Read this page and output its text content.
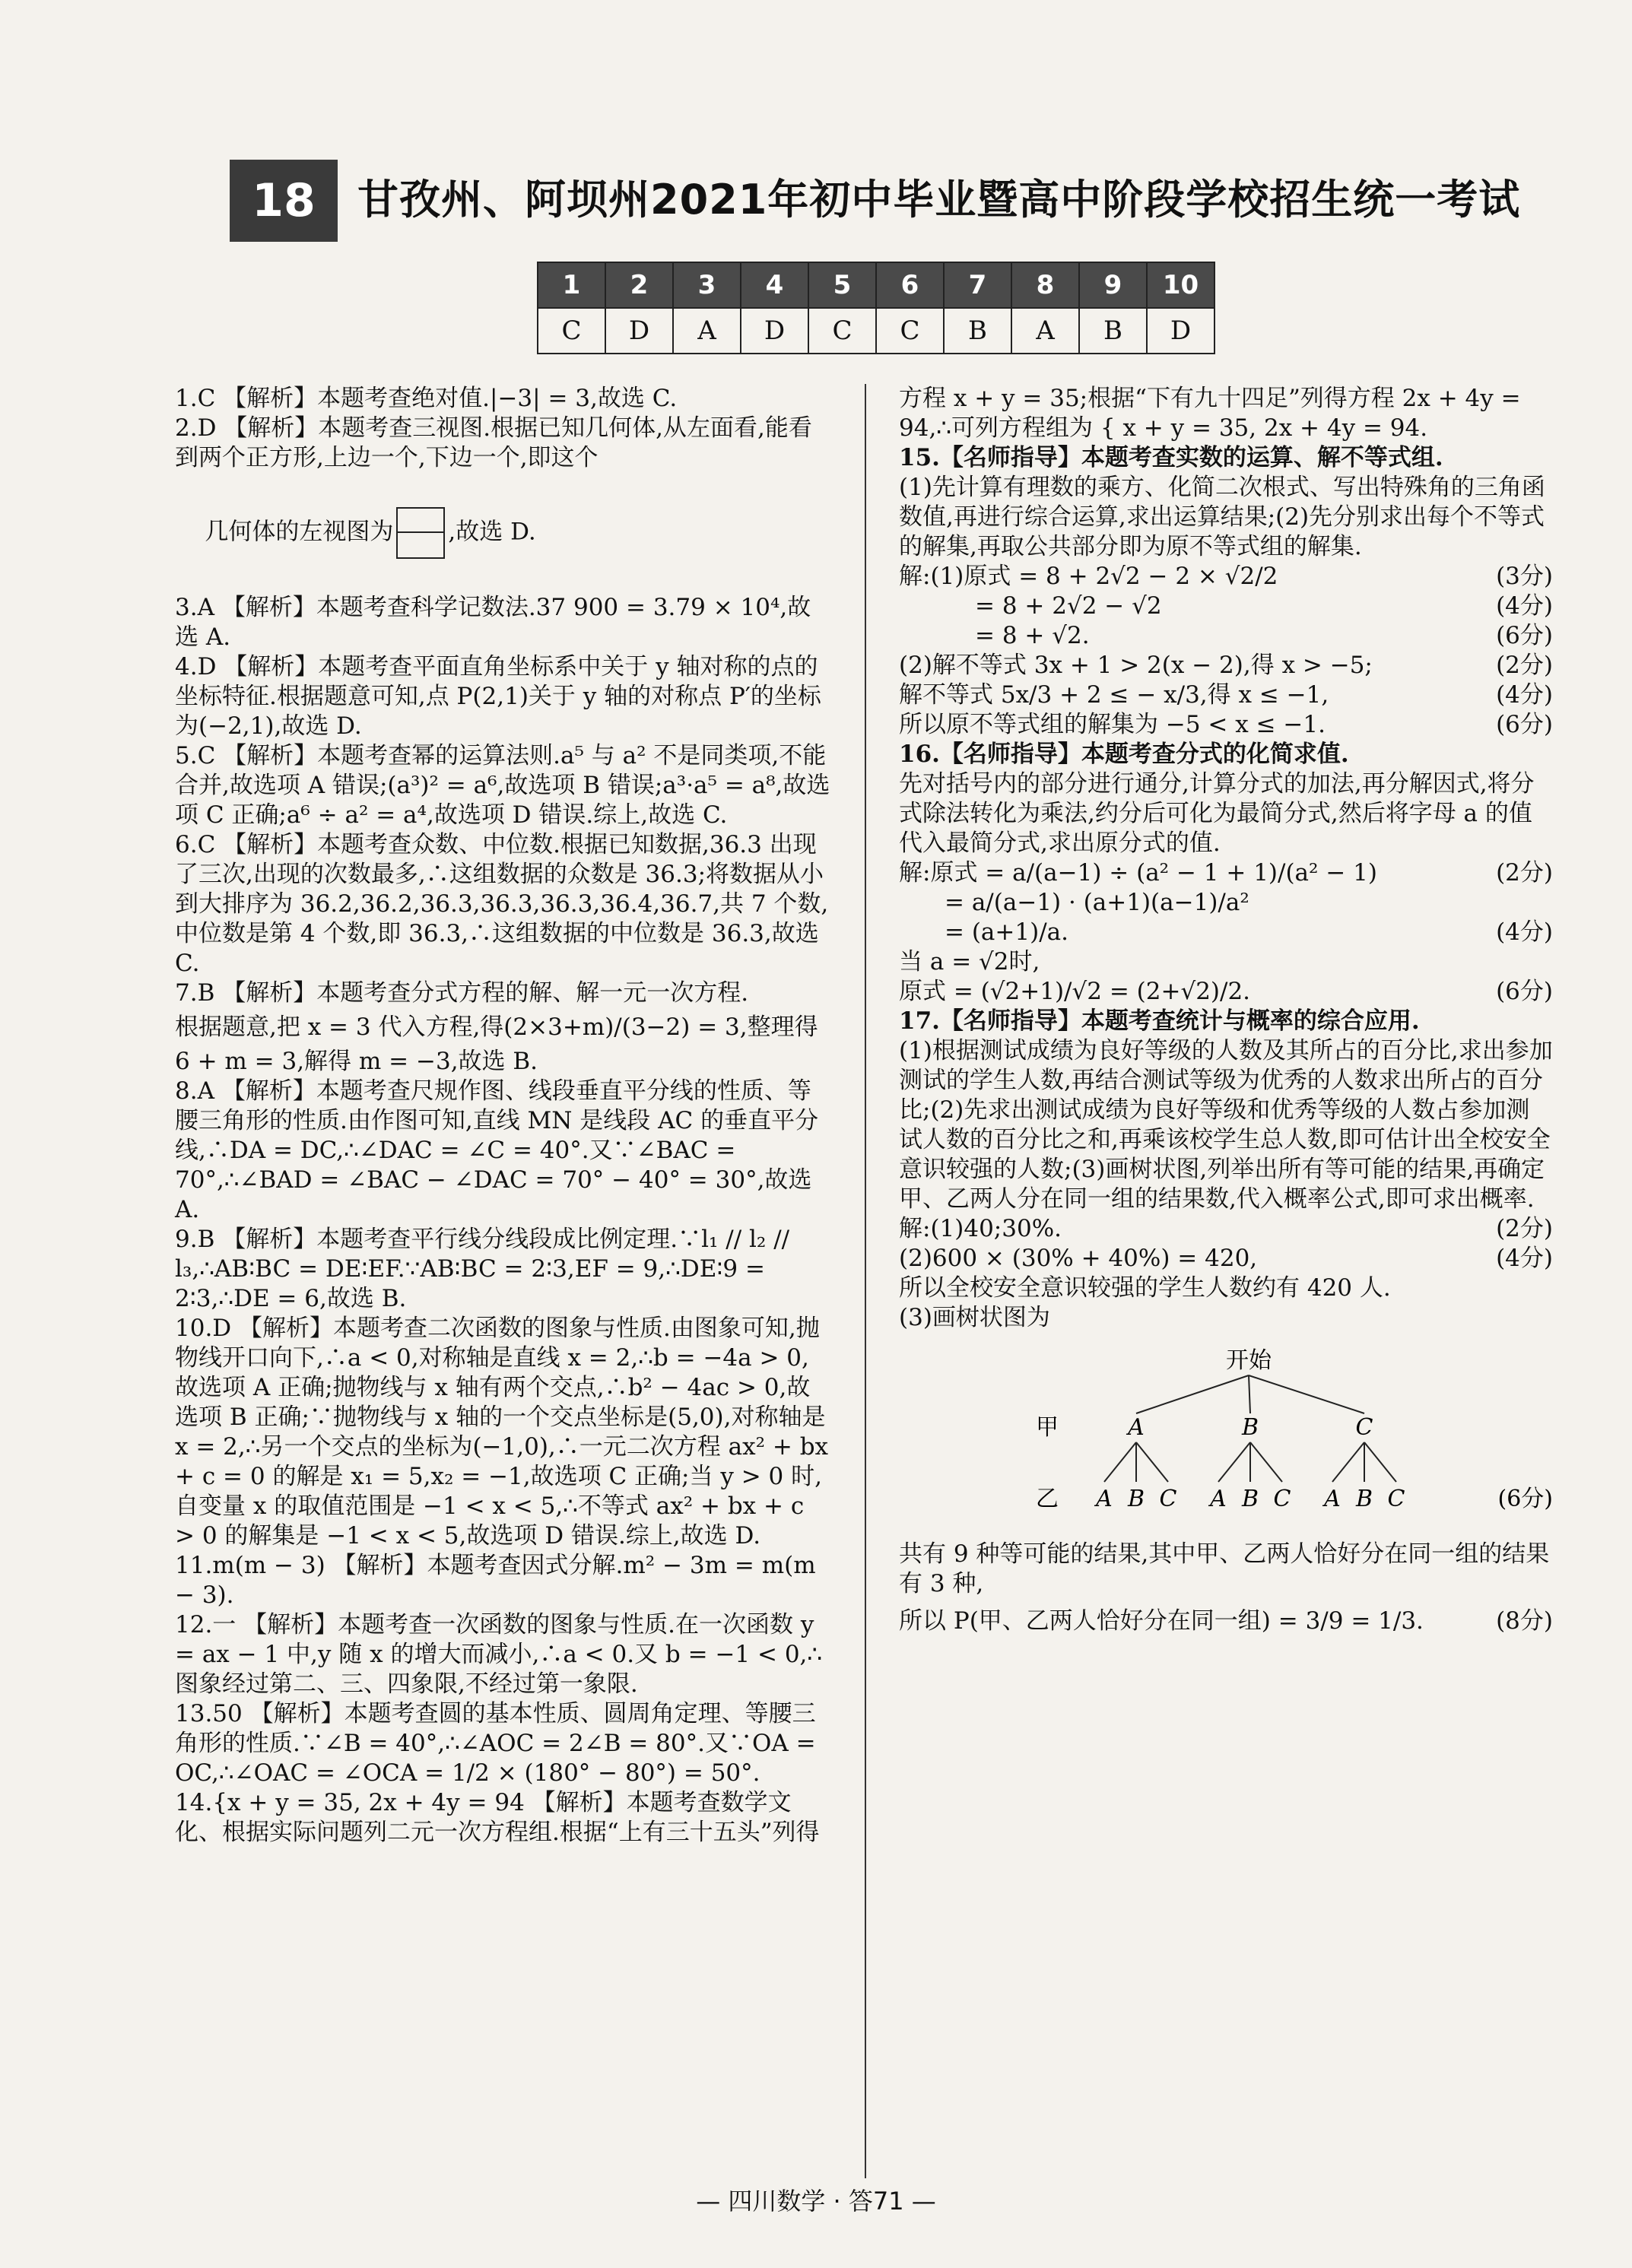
18	甘孜州、阿坝州2021年初中毕业暨高中阶段学校招生统一考试
1	2	3	4	5	6	7	8	9	10
C	D	A	D	C	C	B	A	B	D

1.C 【解析】本题考查绝对值.|−3| = 3,故选 C.

2.D 【解析】本题考查三视图.根据已知几何体,从左面看,能看到两个正方形,上边一个,下边一个,即这个

几何体的左视图为 ,故选 D.

3.A 【解析】本题考查科学记数法.37 900 = 3.79 × 10⁴,故选 A.

4.D 【解析】本题考查平面直角坐标系中关于 y 轴对称的点的坐标特征.根据题意可知,点 P(2,1)关于 y 轴的对称点 P′的坐标为(−2,1),故选 D.

5.C 【解析】本题考查幂的运算法则.a⁵ 与 a² 不是同类项,不能合并,故选项 A 错误;(a³)² = a⁶,故选项 B 错误;a³·a⁵ = a⁸,故选项 C 正确;a⁶ ÷ a² = a⁴,故选项 D 错误.综上,故选 C.

6.C 【解析】本题考查众数、中位数.根据已知数据,36.3 出现了三次,出现的次数最多,∴这组数据的众数是 36.3;将数据从小到大排序为 36.2,36.2,36.3,36.3,36.3,36.4,36.7,共 7 个数,中位数是第 4 个数,即 36.3,∴这组数据的中位数是 36.3,故选 C.

7.B 【解析】本题考查分式方程的解、解一元一次方程.

根据题意,把 x = 3 代入方程,得(2×3+m)/(3−2) = 3,整理得

6 + m = 3,解得 m = −3,故选 B.

8.A 【解析】本题考查尺规作图、线段垂直平分线的性质、等腰三角形的性质.由作图可知,直线 MN 是线段 AC 的垂直平分线,∴DA = DC,∴∠DAC = ∠C = 40°.又∵∠BAC = 70°,∴∠BAD = ∠BAC − ∠DAC = 70° − 40° = 30°,故选 A.

9.B 【解析】本题考查平行线分线段成比例定理.∵l₁ // l₂ // l₃,∴AB∶BC = DE∶EF.∵AB∶BC = 2∶3,EF = 9,∴DE∶9 = 2∶3,∴DE = 6,故选 B.

10.D 【解析】本题考查二次函数的图象与性质.由图象可知,抛物线开口向下,∴a < 0,对称轴是直线 x = 2,∴b = −4a > 0,故选项 A 正确;抛物线与 x 轴有两个交点,∴b² − 4ac > 0,故选项 B 正确;∵抛物线与 x 轴的一个交点坐标是(5,0),对称轴是 x = 2,∴另一个交点的坐标为(−1,0),∴一元二次方程 ax² + bx + c = 0 的解是 x₁ = 5,x₂ = −1,故选项 C 正确;当 y > 0 时,自变量 x 的取值范围是 −1 < x < 5,∴不等式 ax² + bx + c > 0 的解集是 −1 < x < 5,故选项 D 错误.综上,故选 D.

11.m(m − 3) 【解析】本题考查因式分解.m² − 3m = m(m − 3).

12.一 【解析】本题考查一次函数的图象与性质.在一次函数 y = ax − 1 中,y 随 x 的增大而减小,∴a < 0.又 b = −1 < 0,∴图象经过第二、三、四象限,不经过第一象限.

13.50 【解析】本题考查圆的基本性质、圆周角定理、等腰三角形的性质.∵∠B = 40°,∴∠AOC = 2∠B = 80°.又∵OA = OC,∴∠OAC = ∠OCA = 1/2 × (180° − 80°) = 50°.

14.{x + y = 35, 2x + 4y = 94 【解析】本题考查数学文化、根据实际问题列二元一次方程组.根据“上有三十五头”列得

方程 x + y = 35;根据“下有九十四足”列得方程 2x + 4y = 94,∴可列方程组为 { x + y = 35, 2x + 4y = 94.

15.【名师指导】本题考查实数的运算、解不等式组.

(1)先计算有理数的乘方、化简二次根式、写出特殊角的三角函数值,再进行综合运算,求出运算结果;(2)先分别求出每个不等式的解集,再取公共部分即为原不等式组的解集.

解:(1)原式 = 8 + 2√2 − 2 × √2/2	(3分)
= 8 + 2√2 − √2	(4分)
= 8 + √2.	(6分)
(2)解不等式 3x + 1 > 2(x − 2),得 x > −5;	(2分)
解不等式 5x/3 + 2 ≤ − x/3,得 x ≤ −1,	(4分)
所以原不等式组的解集为 −5 < x ≤ −1.	(6分)

16.【名师指导】本题考查分式的化简求值.

先对括号内的部分进行通分,计算分式的加法,再分解因式,将分式除法转化为乘法,约分后可化为最简分式,然后将字母 a 的值代入最简分式,求出原分式的值.

解:原式 = a/(a−1) ÷ (a² − 1 + 1)/(a² − 1)	(2分)
= a/(a−1) · (a+1)(a−1)/a²
= (a+1)/a.	(4分)

当 a = √2时,

原式 = (√2+1)/√2 = (2+√2)/2.	(6分)

17.【名师指导】本题考查统计与概率的综合应用.

(1)根据测试成绩为良好等级的人数及其所占的百分比,求出参加测试的学生人数,再结合测试等级为优秀的人数求出所占的百分比;(2)先求出测试成绩为良好等级和优秀等级的人数占参加测试人数的百分比之和,再乘该校学生总人数,即可估计出全校安全意识较强的人数;(3)画树状图,列举出所有等可能的结果,再确定甲、乙两人分在同一组的结果数,代入概率公式,即可求出概率.

解:(1)40;30%.	(2分)
(2)600 × (30% + 40%) = 420,	(4分)

所以全校安全意识较强的学生人数约有 420 人.

(3)画树状图为

开始
甲	A	B	C
乙 A B C A B C A B C	(6分)

共有 9 种等可能的结果,其中甲、乙两人恰好分在同一组的结果有 3 种,

所以 P(甲、乙两人恰好分在同一组) = 3/9 = 1/3.	(8分)
— 四川数学 · 答71 —
